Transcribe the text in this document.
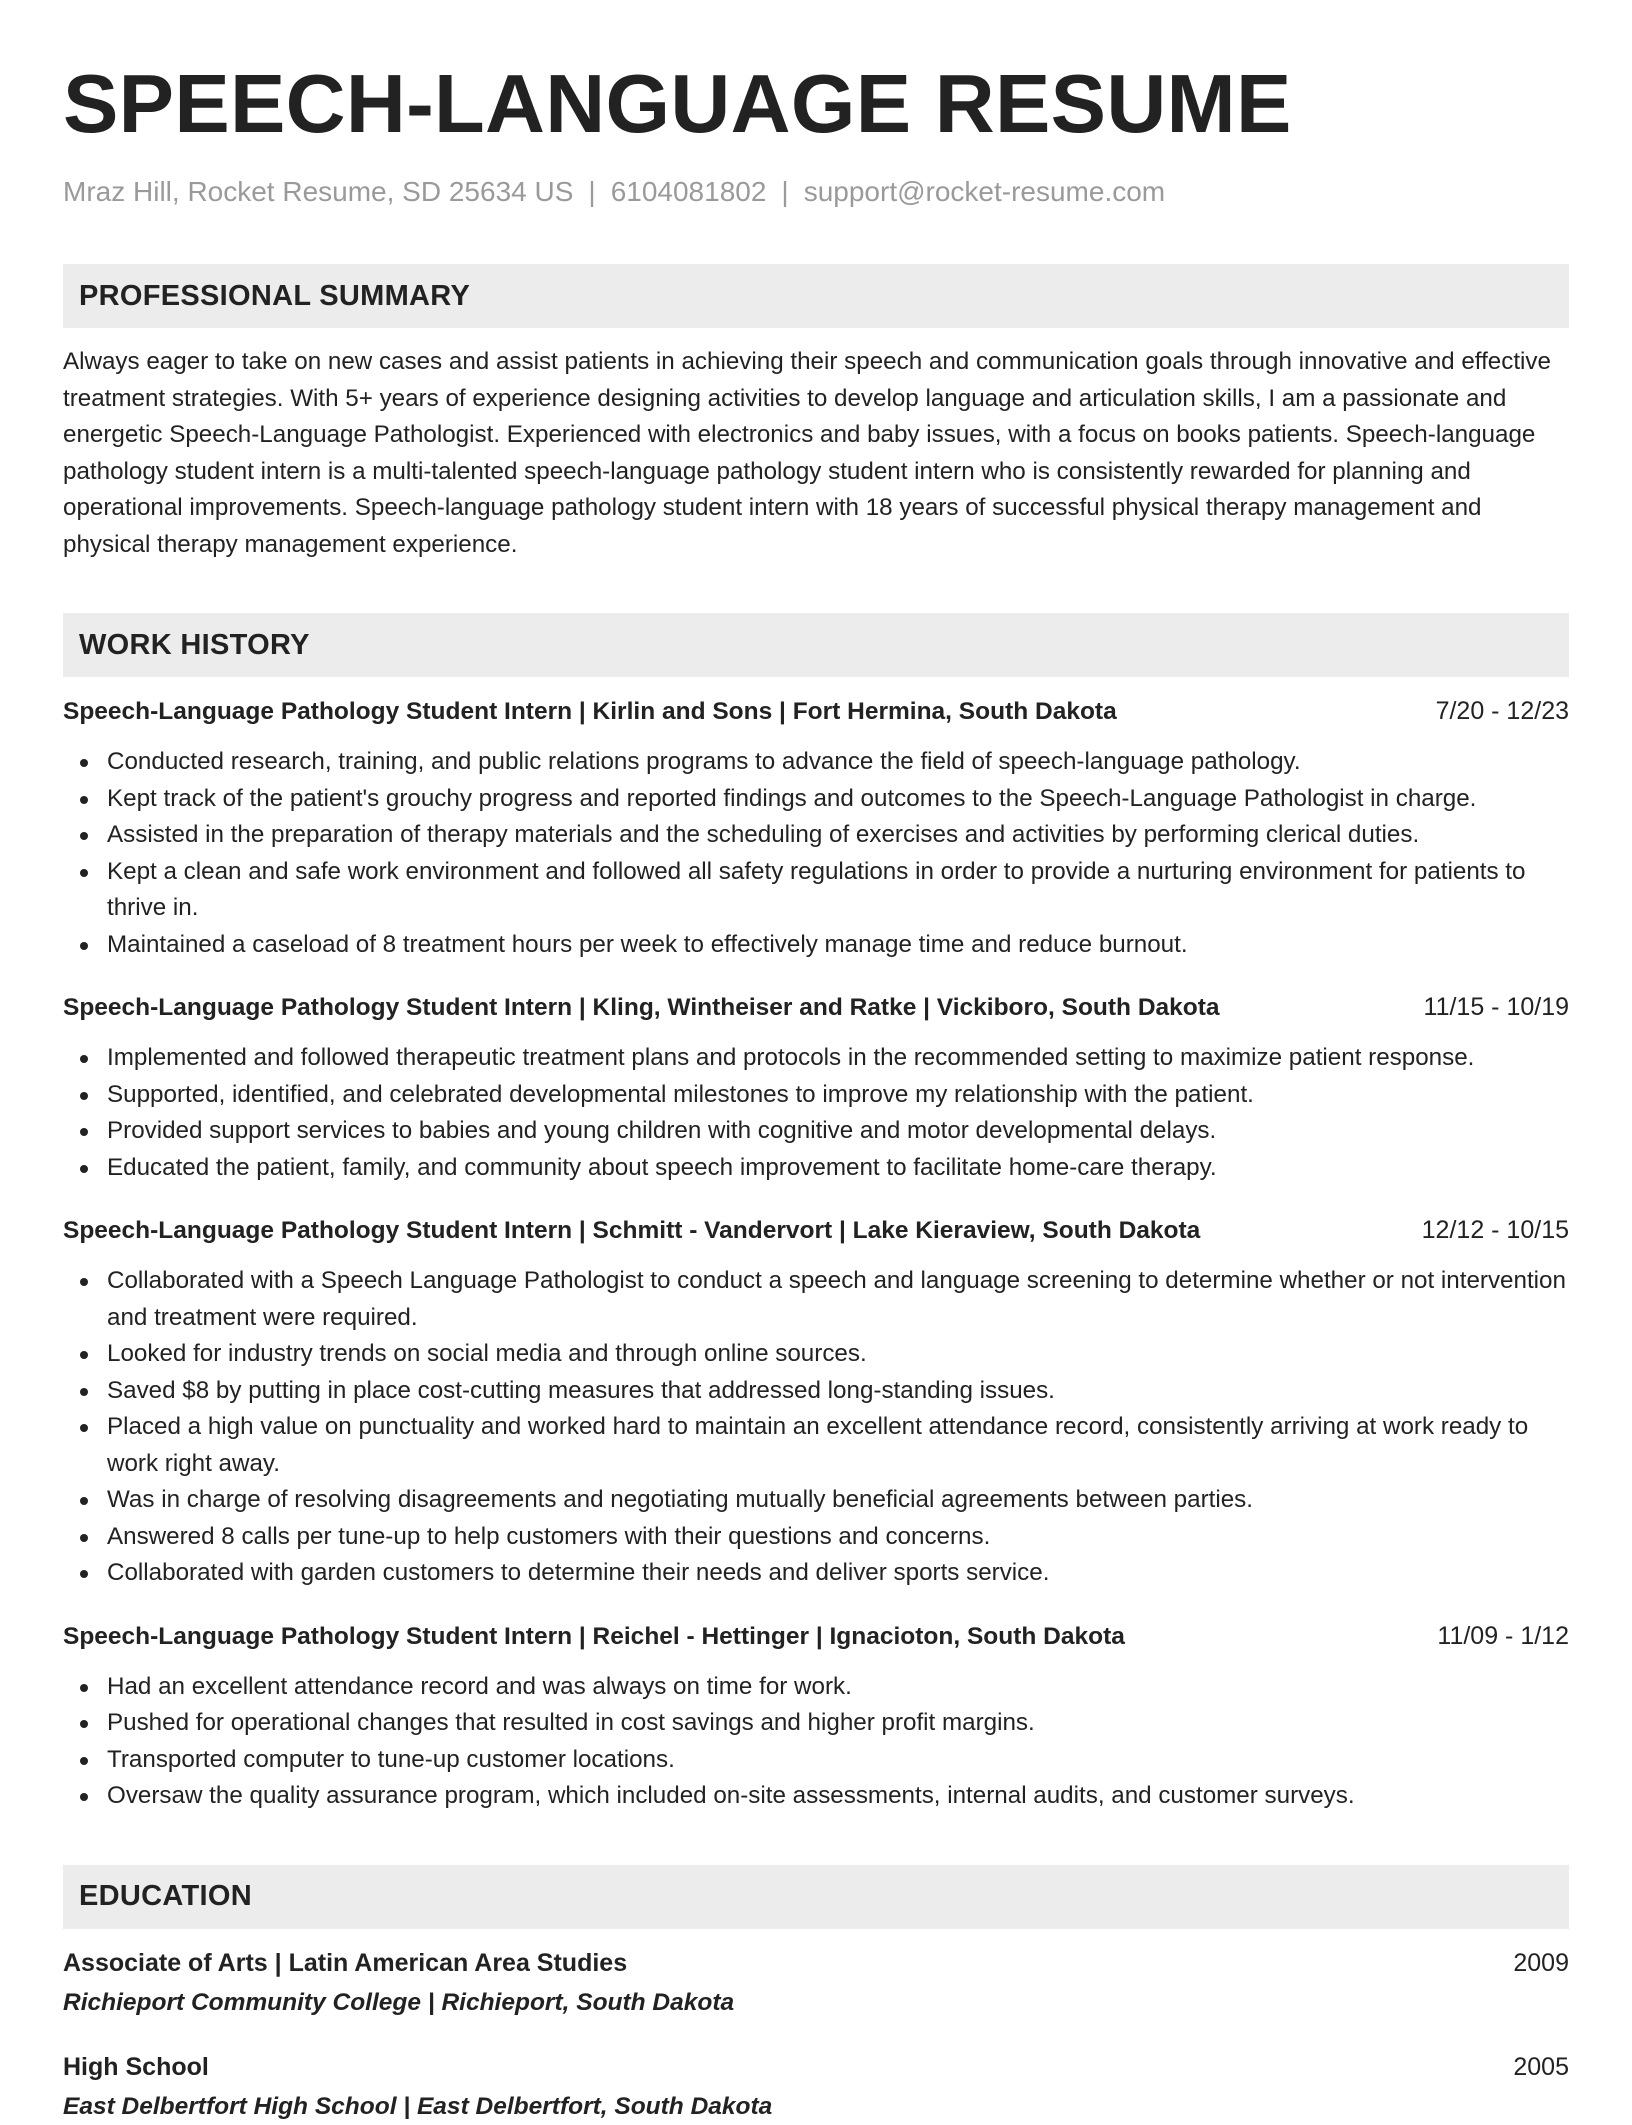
SPEECH-LANGUAGE RESUME
Mraz Hill, Rocket Resume, SD 25634 US | 6104081802 | support@rocket-resume.com
PROFESSIONAL SUMMARY

Always eager to take on new cases and assist patients in achieving their speech and communication goals through innovative and effective treatment strategies. With 5+ years of experience designing activities to develop language and articulation skills, I am a passionate and energetic Speech-Language Pathologist. Experienced with electronics and baby issues, with a focus on books patients. Speech-language pathology student intern is a multi-talented speech-language pathology student intern who is consistently rewarded for planning and operational improvements. Speech-language pathology student intern with 18 years of successful physical therapy management and physical therapy management experience.

WORK HISTORY
Speech-Language Pathology Student Intern | Kirlin and Sons | Fort Hermina, South Dakota	7/20 - 12/23
Conducted research, training, and public relations programs to advance the field of speech-language pathology.
Kept track of the patient's grouchy progress and reported findings and outcomes to the Speech-Language Pathologist in charge.
Assisted in the preparation of therapy materials and the scheduling of exercises and activities by performing clerical duties.
Kept a clean and safe work environment and followed all safety regulations in order to provide a nurturing environment for patients to thrive in.
Maintained a caseload of 8 treatment hours per week to effectively manage time and reduce burnout.
Speech-Language Pathology Student Intern | Kling, Wintheiser and Ratke | Vickiboro, South Dakota	11/15 - 10/19
Implemented and followed therapeutic treatment plans and protocols in the recommended setting to maximize patient response.
Supported, identified, and celebrated developmental milestones to improve my relationship with the patient.
Provided support services to babies and young children with cognitive and motor developmental delays.
Educated the patient, family, and community about speech improvement to facilitate home-care therapy.
Speech-Language Pathology Student Intern | Schmitt - Vandervort | Lake Kieraview, South Dakota	12/12 - 10/15
Collaborated with a Speech Language Pathologist to conduct a speech and language screening to determine whether or not intervention and treatment were required.
Looked for industry trends on social media and through online sources.
Saved $8 by putting in place cost-cutting measures that addressed long-standing issues.
Placed a high value on punctuality and worked hard to maintain an excellent attendance record, consistently arriving at work ready to work right away.
Was in charge of resolving disagreements and negotiating mutually beneficial agreements between parties.
Answered 8 calls per tune-up to help customers with their questions and concerns.
Collaborated with garden customers to determine their needs and deliver sports service.
Speech-Language Pathology Student Intern | Reichel - Hettinger | Ignacioton, South Dakota	11/09 - 1/12
Had an excellent attendance record and was always on time for work.
Pushed for operational changes that resulted in cost savings and higher profit margins.
Transported computer to tune-up customer locations.
Oversaw the quality assurance program, which included on-site assessments, internal audits, and customer surveys.
EDUCATION
Associate of Arts | Latin American Area Studies	2009
Richieport Community College | Richieport, South Dakota
High School	2005
East Delbertfort High School | East Delbertfort, South Dakota
